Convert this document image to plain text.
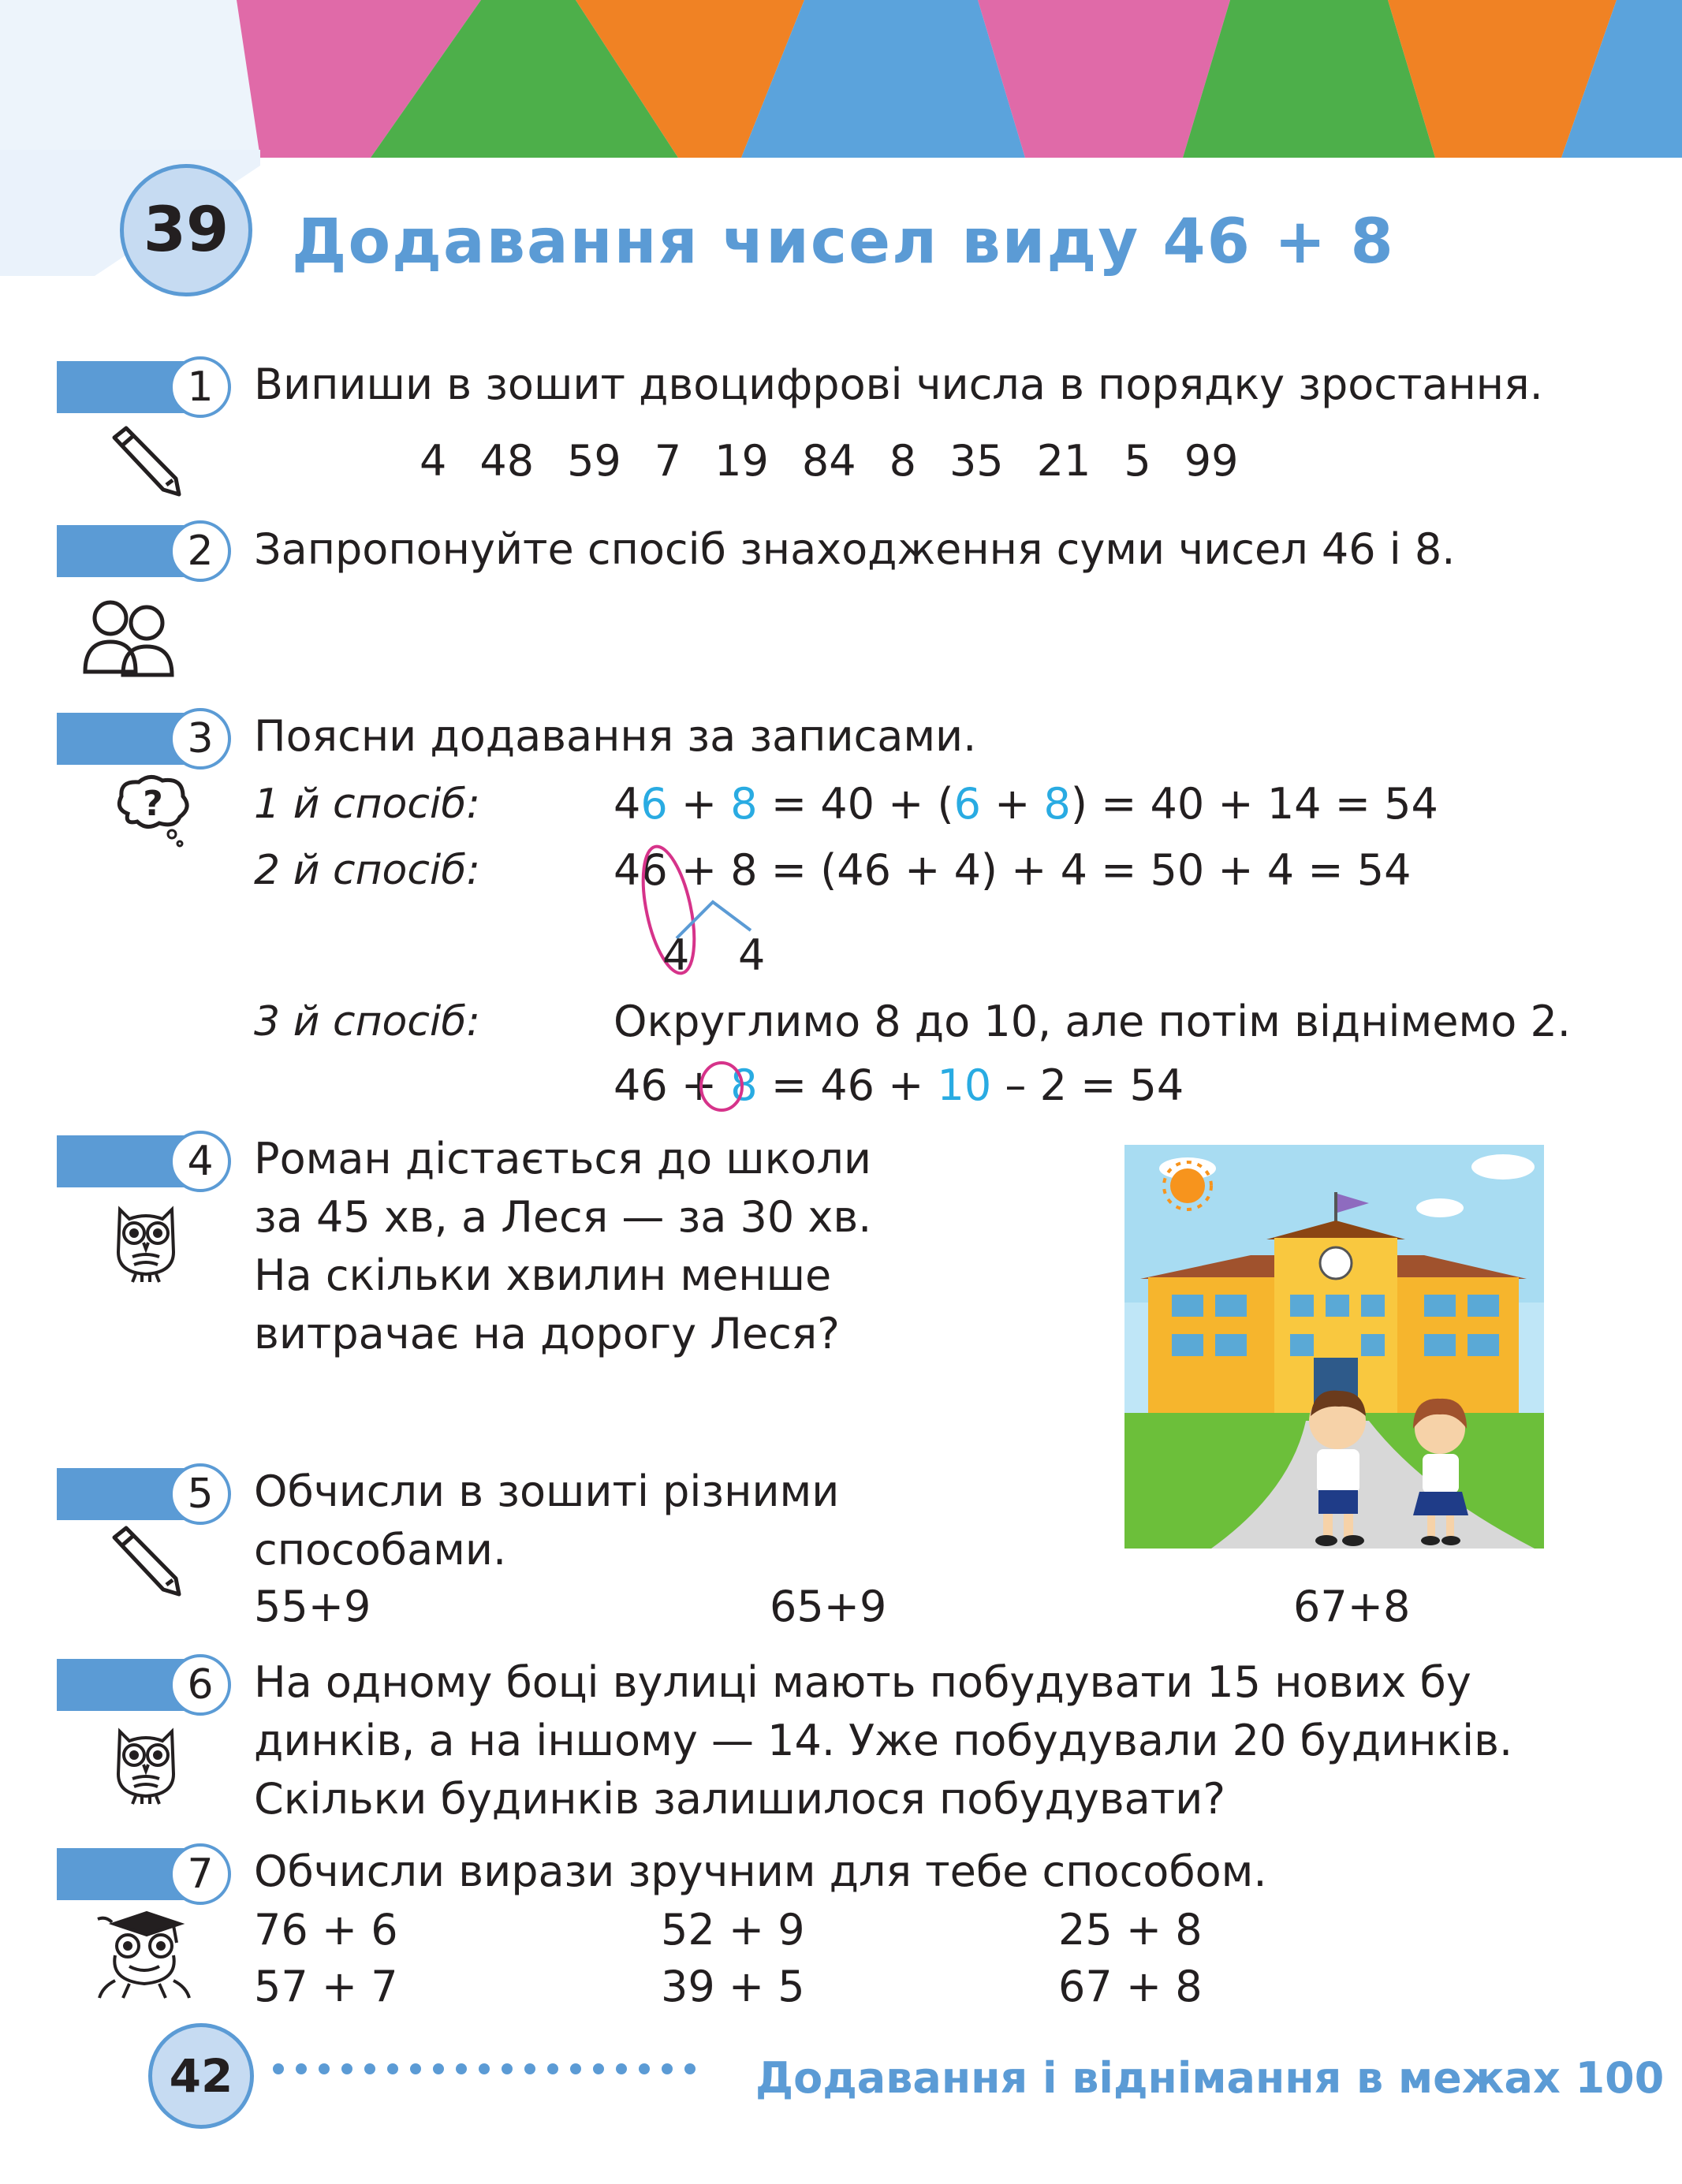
39	Додавання чисел виду 46 + 8
1 Випиши в зошит двоцифрові числа в порядку зростання.
4 48 59 7 19 84 8 35 21 5 99
2 Запропонуйте спосіб знаходження суми чисел 46 і 8.
3 Поясни додавання за записами.
? 1 й спосіб:	46 + 8 = 40 + (6 + 8) = 40 + 14 = 54
2 й спосіб:	46 + 8 = (46 + 4) + 4 = 50 + 4 = 54
4 4
3 й спосіб:	Округлимо 8 до 10, але потім віднімемо 2.
46 + 8 = 46 + 10 – 2 = 54
4 Роман дістається до школи
за 45 хв, а Леся — за 30 хв.
На скільки хвилин менше
витрачає на дорогу Леся?
5 Обчисли в зошиті різними
способами.
55+9	65+9	67+8
6 На одному боці вулиці мають побудувати 15 нових бу
динків, а на іншому — 14. Уже побудували 20 будинків.
Скільки будинків залишилося побудувати?
7 Обчисли вирази зручним для тебе способом.
76 + 6	52 + 9	25 + 8
57 + 7	39 + 5	67 + 8
42	Додавання і віднімання в межах 100
